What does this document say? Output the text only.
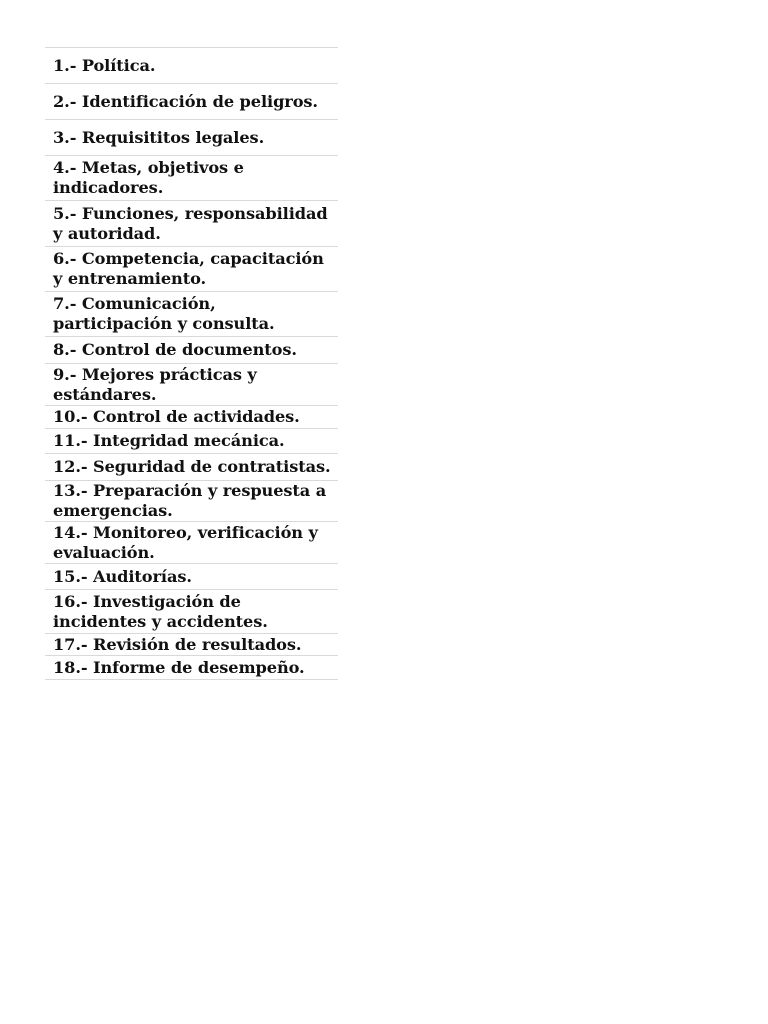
1.- Política.
2.- Identificación de peligros.
3.- Requisititos legales.
4.- Metas, objetivos e indicadores.
5.- Funciones, responsabilidad y autoridad.
6.- Competencia, capacitación y entrenamiento.
7.- Comunicación, participación y consulta.
8.- Control de documentos.
9.- Mejores prácticas y estándares.
10.- Control de actividades.
11.- Integridad mecánica.
12.- Seguridad de contratistas.
13.- Preparación y respuesta a emergencias.
14.- Monitoreo, verificación y evaluación.
15.- Auditorías.
16.- Investigación de incidentes y accidentes.
17.- Revisión de resultados.
18.- Informe de desempeño.
